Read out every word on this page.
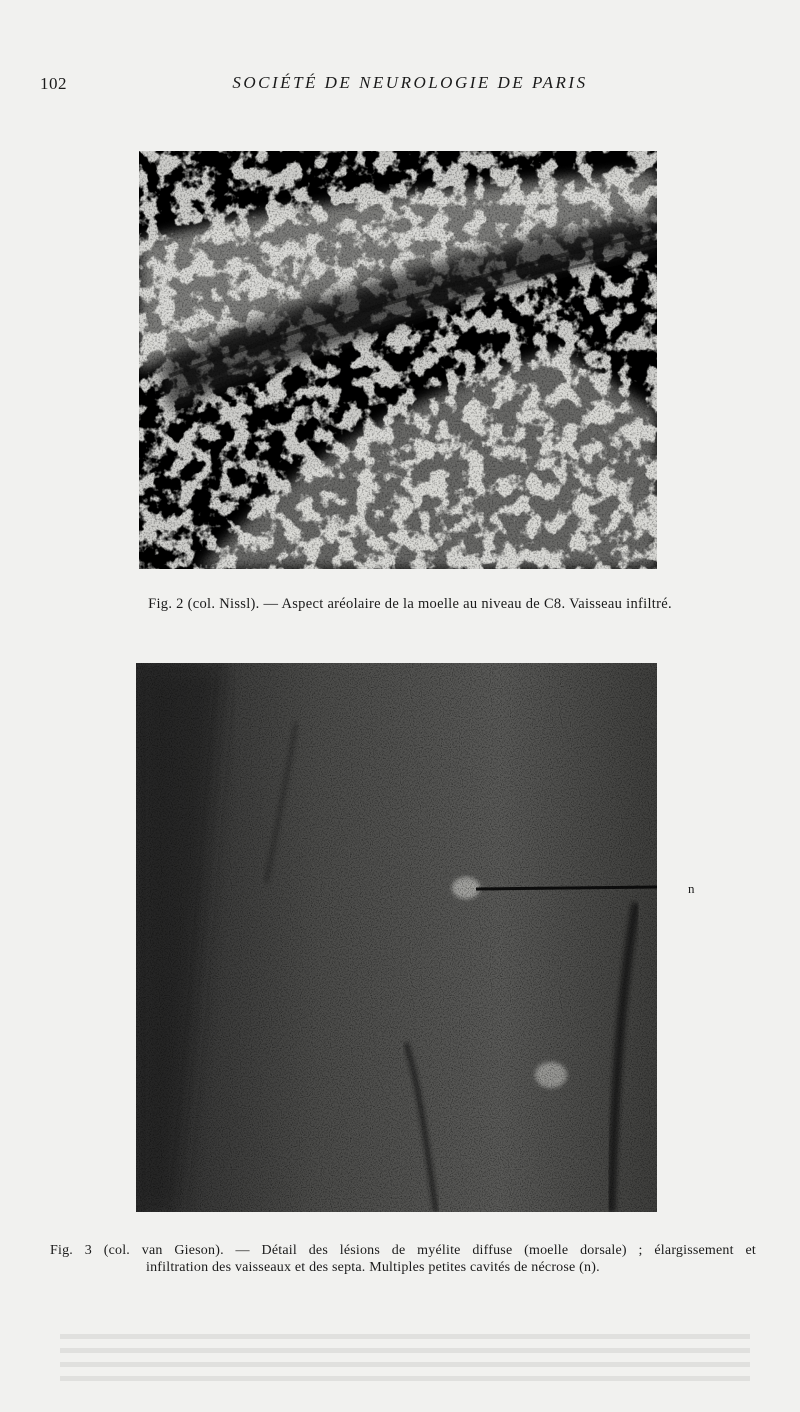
102	SOCIÉTÉ DE NEUROLOGIE DE PARIS
Fig. 2 (col. Nissl). — Aspect aréolaire de la moelle au niveau de C8. Vaisseau infiltré.
n
Fig. 3 (col. van Gieson). — Détail des lésions de myélite diffuse (moelle dorsale) ; élargissement et
infiltration des vaisseaux et des septa. Multiples petites cavités de nécrose (n).
